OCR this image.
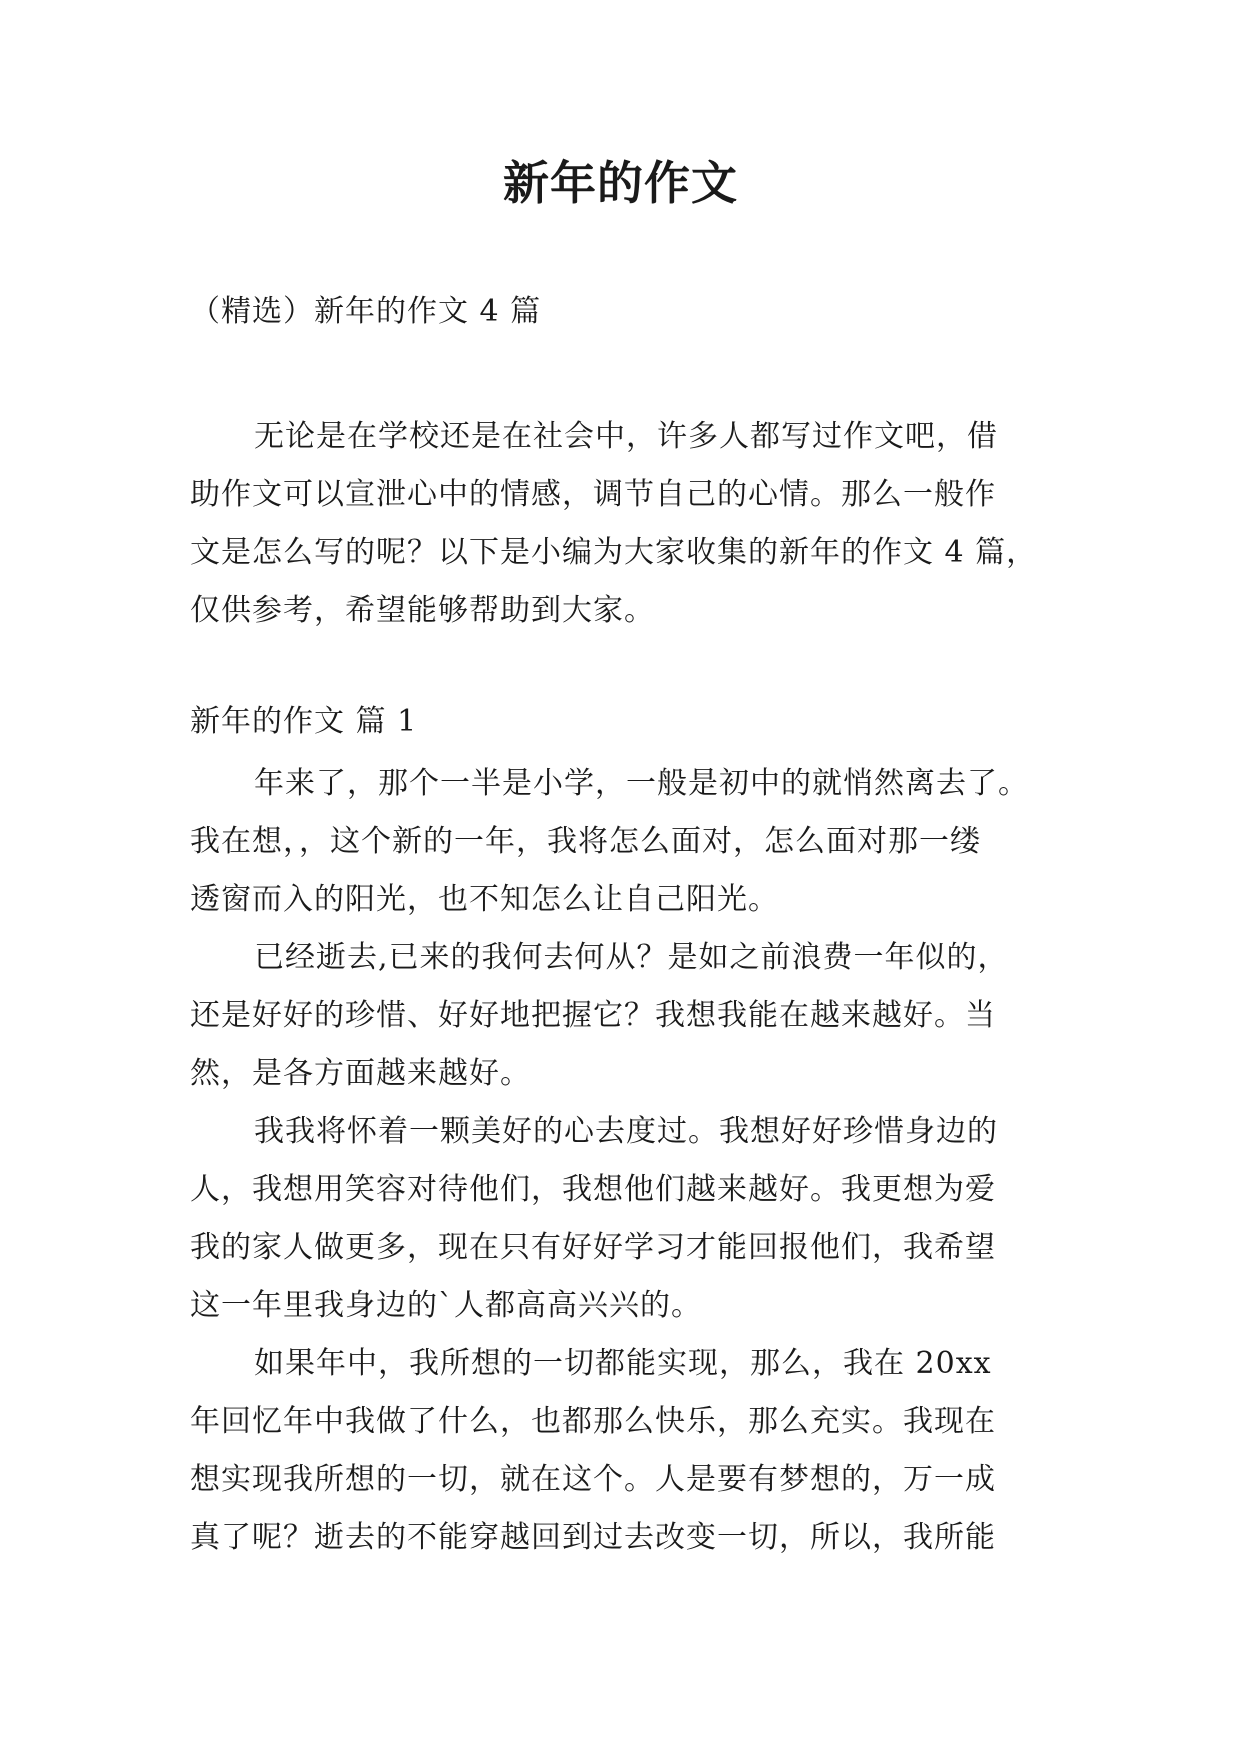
新年的作文
（精选）新年的作文 4 篇

无论是在学校还是在社会中，许多人都写过作文吧，借
助作文可以宣泄心中的情感，调节自己的心情。那么一般作
文是怎么写的呢？以下是小编为大家收集的新年的作文 4 篇，
仅供参考，希望能够帮助到大家。

新年的作文 篇 1

年来了，那个一半是小学，一般是初中的就悄然离去了。
我在想，，这个新的一年，我将怎么面对，怎么面对那一缕
透窗而入的阳光，也不知怎么让自己阳光。

已经逝去,已来的我何去何从？是如之前浪费一年似的，
还是好好的珍惜、好好地把握它？我想我能在越来越好。当
然，是各方面越来越好。

我我将怀着一颗美好的心去度过。我想好好珍惜身边的
人，我想用笑容对待他们，我想他们越来越好。我更想为爱
我的家人做更多，现在只有好好学习才能回报他们，我希望
这一年里我身边的`人都高高兴兴的。

如果年中，我所想的一切都能实现，那么，我在 20xx
年回忆年中我做了什么，也都那么快乐，那么充实。我现在
想实现我所想的一切，就在这个。人是要有梦想的，万一成
真了呢？逝去的不能穿越回到过去改变一切，所以，我所能
